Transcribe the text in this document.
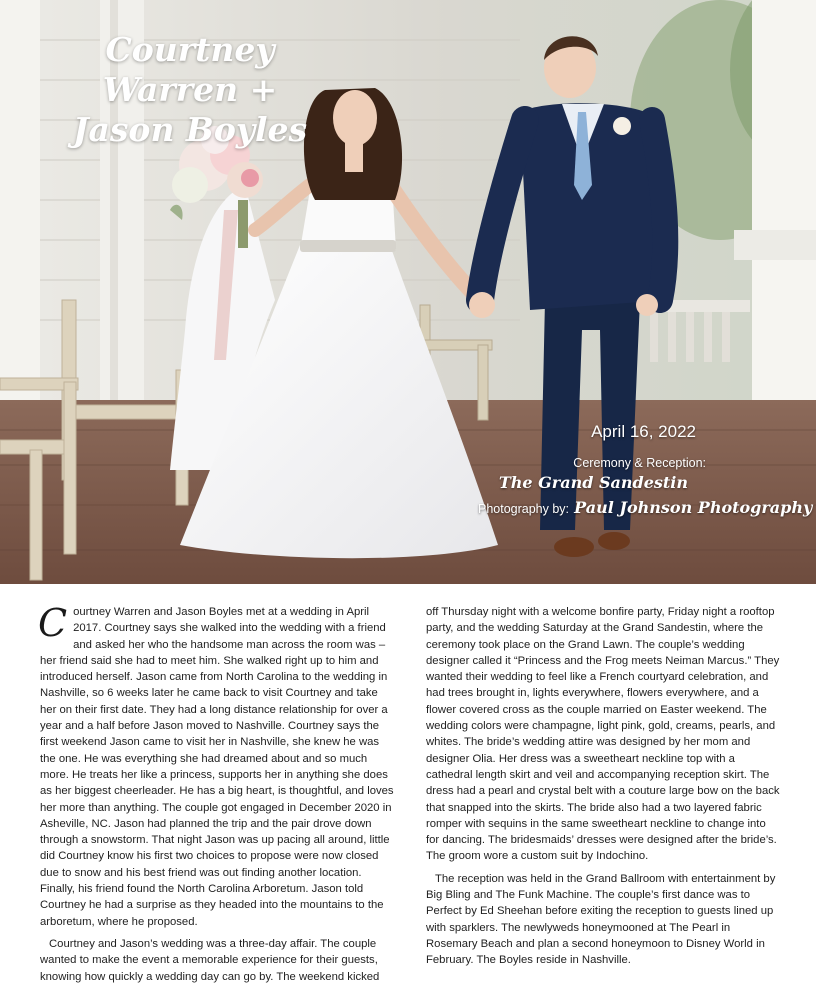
Courtney Warren +
Jason Boyles
April 16, 2022
Ceremony & Reception:
The Grand Sandestin
Photography by: Paul Johnson Photography

Courtney Warren and Jason Boyles met at a wedding in April 2017. Courtney says she walked into the wedding with a friend and asked her who the handsome man across the room was – her friend said she had to meet him. She walked right up to him and introduced herself. Jason came from North Carolina to the wedding in Nashville, so 6 weeks later he came back to visit Courtney and take her on their first date. They had a long distance relationship for over a year and a half before Jason moved to Nashville. Courtney says the first weekend Jason came to visit her in Nashville, she knew he was the one. He was everything she had dreamed about and so much more. He treats her like a princess, supports her in anything she does as her biggest cheerleader. He has a big heart, is thoughtful, and loves her more than anything. The couple got engaged in December 2020 in Asheville, NC. Jason had planned the trip and the pair drove down through a snowstorm. That night Jason was up pacing all around, little did Courtney know his first two choices to propose were now closed due to snow and his best friend was out finding another location. Finally, his friend found the North Carolina Arboretum. Jason told Courtney he had a surprise as they headed into the mountains to the arboretum, where he proposed.

Courtney and Jason’s wedding was a three-day affair. The couple wanted to make the event a memorable experience for their guests, knowing how quickly a wedding day can go by. The weekend kicked

off Thursday night with a welcome bonfire party, Friday night a rooftop party, and the wedding Saturday at the Grand Sandestin, where the ceremony took place on the Grand Lawn. The couple’s wedding designer called it “Princess and the Frog meets Neiman Marcus.” They wanted their wedding to feel like a French courtyard celebration, and had trees brought in, lights everywhere, flowers everywhere, and a flower covered cross as the couple married on Easter weekend. The wedding colors were champagne, light pink, gold, creams, pearls, and whites. The bride’s wedding attire was designed by her mom and designer Olia. Her dress was a sweetheart neckline top with a cathedral length skirt and veil and accompanying reception skirt. The dress had a pearl and crystal belt with a couture large bow on the back that snapped into the skirts. The bride also had a two layered fabric romper with sequins in the same sweetheart neckline to change into for dancing. The bridesmaids’ dresses were designed after the bride’s. The groom wore a custom suit by Indochino.

The reception was held in the Grand Ballroom with entertainment by Big Bling and The Funk Machine. The couple’s first dance was to Perfect by Ed Sheehan before exiting the reception to guests lined up with sparklers. The newlyweds honeymooned at The Pearl in Rosemary Beach and plan a second honeymoon to Disney World in February. The Boyles reside in Nashville.
